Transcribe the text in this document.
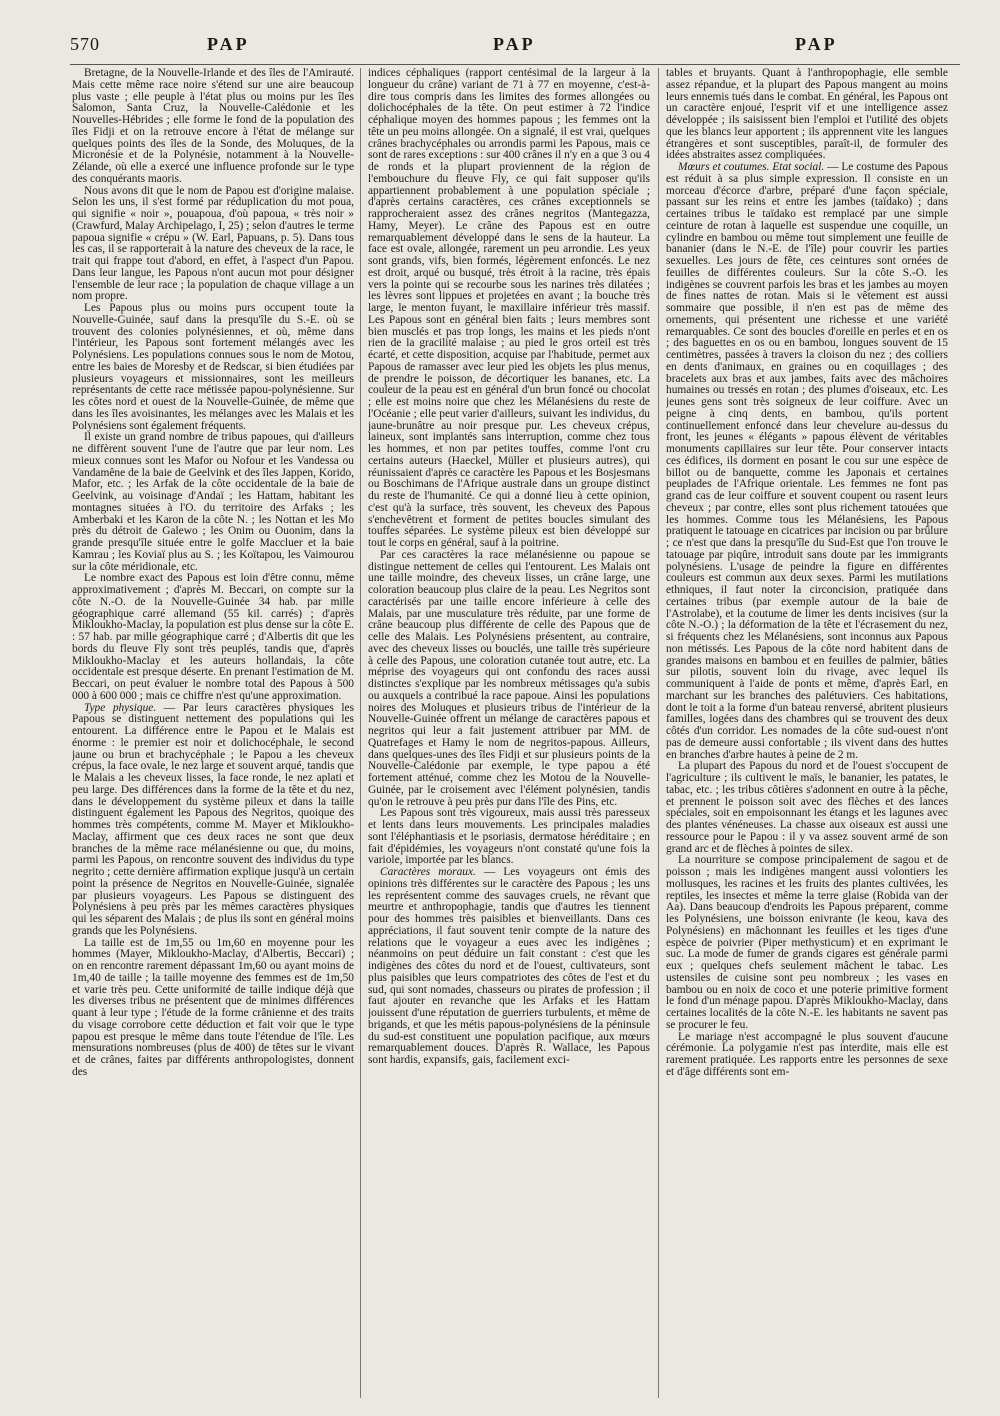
570	PAP	PAP	PAP

Bretagne, de la Nouvelle-Irlande et des îles de l'Amirauté. Mais cette même race noire s'étend sur une aire beaucoup plus vaste ; elle peuple à l'état plus ou moins pur les îles Salomon, Santa Cruz, la Nouvelle-Calédonie et les Nouvelles-Hébrides ; elle forme le fond de la population des îles Fidji et on la retrouve encore à l'état de mélange sur quelques points des îles de la Sonde, des Moluques, de la Micronésie et de la Polynésie, notamment à la Nouvelle-Zélande, où elle a exercé une influence profonde sur le type des conquérants maoris.

Nous avons dit que le nom de Papou est d'origine malaise. Selon les uns, il s'est formé par réduplication du mot poua, qui signifie « noir », pouapoua, d'où papoua, « très noir » (Crawfurd, Malay Archipelago, I, 25) ; selon d'autres le terme papoua signifie « crépu » (W. Earl, Papuans, p. 5). Dans tous les cas, il se rapporterait à la nature des cheveux de la race, le trait qui frappe tout d'abord, en effet, à l'aspect d'un Papou. Dans leur langue, les Papous n'ont aucun mot pour désigner l'ensemble de leur race ; la population de chaque village a un nom propre.

Les Papous plus ou moins purs occupent toute la Nouvelle-Guinée, sauf dans la presqu'île du S.-E. où se trouvent des colonies polynésiennes, et où, même dans l'intérieur, les Papous sont fortement mélangés avec les Polynésiens. Les populations connues sous le nom de Motou, entre les baies de Moresby et de Redscar, si bien étudiées par plusieurs voyageurs et missionnaires, sont les meilleurs représentants de cette race métissée papou-polynésienne. Sur les côtes nord et ouest de la Nouvelle-Guinée, de même que dans les îles avoisinantes, les mélanges avec les Malais et les Polynésiens sont également fréquents.

Il existe un grand nombre de tribus papoues, qui d'ailleurs ne diffèrent souvent l'une de l'autre que par leur nom. Les mieux connues sont les Mafor ou Nofour et les Vandessa ou Vandamêne de la baie de Geelvink et des îles Jappen, Korido, Mafor, etc. ; les Arfak de la côte occidentale de la baie de Geelvink, au voisinage d'Andaï ; les Hattam, habitant les montagnes situées à l'O. du territoire des Arfaks ; les Amberbaki et les Karon de la côte N. ; les Nottan et les Mo près du détroit de Galewo ; les Onim ou Ouonim, dans la grande presqu'île située entre le golfe Maccluer et la baie Kamrau ; les Koviaï plus au S. ; les Koïtapou, les Vaimourou sur la côte méridionale, etc.

Le nombre exact des Papous est loin d'être connu, même approximativement ; d'après M. Beccari, on compte sur la côte N.-O. de la Nouvelle-Guinée 34 hab. par mille géographique carré allemand (55 kil. carrés) ; d'après Mikloukho-Maclay, la population est plus dense sur la côte E. : 57 hab. par mille géographique carré ; d'Albertis dit que les bords du fleuve Fly sont très peuplés, tandis que, d'après Mikloukho-Maclay et les auteurs hollandais, la côte occidentale est presque déserte. En prenant l'estimation de M. Beccari, on peut évaluer le nombre total des Papous à 500 000 à 600 000 ; mais ce chiffre n'est qu'une approximation.

Type physique. — Par leurs caractères physiques les Papous se distinguent nettement des populations qui les entourent. La différence entre le Papou et le Malais est énorme : le premier est noir et dolichocéphale, le second jaune ou brun et brachycéphale ; le Papou a les cheveux crépus, la face ovale, le nez large et souvent arqué, tandis que le Malais a les cheveux lisses, la face ronde, le nez aplati et peu large. Des différences dans la forme de la tête et du nez, dans le développement du système pileux et dans la taille distinguent également les Papous des Negritos, quoique des hommes très compétents, comme M. Mayer et Mikloukho-Maclay, affirment que ces deux races ne sont que deux branches de la même race mélanésienne ou que, du moins, parmi les Papous, on rencontre souvent des individus du type negrito ; cette dernière affirmation explique jusqu'à un certain point la présence de Negritos en Nouvelle-Guinée, signalée par plusieurs voyageurs. Les Papous se distinguent des Polynésiens à peu près par les mêmes caractères physiques qui les séparent des Malais ; de plus ils sont en général moins grands que les Polynésiens.

La taille est de 1m,55 ou 1m,60 en moyenne pour les hommes (Mayer, Mikloukho-Maclay, d'Albertis, Beccari) ; on en rencontre rarement dépassant 1m,60 ou ayant moins de 1m,40 de taille ; la taille moyenne des femmes est de 1m,50 et varie très peu. Cette uniformité de taille indique déjà que les diverses tribus ne présentent que de minimes différences quant à leur type ; l'étude de la forme crânienne et des traits du visage corrobore cette déduction et fait voir que le type papou est presque le même dans toute l'étendue de l'île. Les mensurations nombreuses (plus de 400) de têtes sur le vivant et de crânes, faites par différents anthropologistes, donnent des

indices céphaliques (rapport centésimal de la largeur à la longueur du crâne) variant de 71 à 77 en moyenne, c'est-à-dire tous compris dans les limites des formes allongées ou dolichocéphales de la tête. On peut estimer à 72 l'indice céphalique moyen des hommes papous ; les femmes ont la tête un peu moins allongée. On a signalé, il est vrai, quelques crânes brachycéphales ou arrondis parmi les Papous, mais ce sont de rares exceptions : sur 400 crânes il n'y en a que 3 ou 4 de ronds et la plupart proviennent de la région de l'embouchure du fleuve Fly, ce qui fait supposer qu'ils appartiennent probablement à une population spéciale ; d'après certains caractères, ces crânes exceptionnels se rapprocheraient assez des crânes negritos (Mantegazza, Hamy, Meyer). Le crâne des Papous est en outre remarquablement développé dans le sens de la hauteur. La face est ovale, allongée, rarement un peu arrondie. Les yeux sont grands, vifs, bien formés, légèrement enfoncés. Le nez est droit, arqué ou busqué, très étroit à la racine, très épais vers la pointe qui se recourbe sous les narines très dilatées ; les lèvres sont lippues et projetées en avant ; la bouche très large, le menton fuyant, le maxillaire inférieur très massif. Les Papous sont en général bien faits ; leurs membres sont bien musclés et pas trop longs, les mains et les pieds n'ont rien de la gracilité malaise ; au pied le gros orteil est très écarté, et cette disposition, acquise par l'habitude, permet aux Papous de ramasser avec leur pied les objets les plus menus, de prendre le poisson, de décortiquer les bananes, etc. La couleur de la peau est en général d'un brun foncé ou chocolat ; elle est moins noire que chez les Mélanésiens du reste de l'Océanie ; elle peut varier d'ailleurs, suivant les individus, du jaune-brunâtre au noir presque pur. Les cheveux crépus, laineux, sont implantés sans interruption, comme chez tous les hommes, et non par petites touffes, comme l'ont cru certains auteurs (Haeckel, Müller et plusieurs autres), qui réunissaient d'après ce caractère les Papous et les Bosjesmans ou Boschimans de l'Afrique australe dans un groupe distinct du reste de l'humanité. Ce qui a donné lieu à cette opinion, c'est qu'à la surface, très souvent, les cheveux des Papous s'enchevêtrent et forment de petites boucles simulant des touffes séparées. Le système pileux est bien développé sur tout le corps en général, sauf à la poitrine.

Par ces caractères la race mélanésienne ou papoue se distingue nettement de celles qui l'entourent. Les Malais ont une taille moindre, des cheveux lisses, un crâne large, une coloration beaucoup plus claire de la peau. Les Negritos sont caractérisés par une taille encore inférieure à celle des Malais, par une musculature très réduite, par une forme de crâne beaucoup plus différente de celle des Papous que de celle des Malais. Les Polynésiens présentent, au contraire, avec des cheveux lisses ou bouclés, une taille très supérieure à celle des Papous, une coloration cutanée tout autre, etc. La méprise des voyageurs qui ont confondu des races aussi distinctes s'explique par les nombreux métissages qu'a subis ou auxquels a contribué la race papoue. Ainsi les populations noires des Moluques et plusieurs tribus de l'intérieur de la Nouvelle-Guinée offrent un mélange de caractères papous et negritos qui leur a fait justement attribuer par MM. de Quatrefages et Hamy le nom de negritos-papous. Ailleurs, dans quelques-unes des îles Fidji et sur plusieurs points de la Nouvelle-Calédonie par exemple, le type papou a été fortement atténué, comme chez les Motou de la Nouvelle-Guinée, par le croisement avec l'élément polynésien, tandis qu'on le retrouve à peu près pur dans l'île des Pins, etc.

Les Papous sont très vigoureux, mais aussi très paresseux et lents dans leurs mouvements. Les principales maladies sont l'éléphantiasis et le psoriasis, dermatose héréditaire ; en fait d'épidémies, les voyageurs n'ont constaté qu'une fois la variole, importée par les blancs.

Caractères moraux. — Les voyageurs ont émis des opinions très différentes sur le caractère des Papous ; les uns les représentent comme des sauvages cruels, ne rêvant que meurtre et anthropophagie, tandis que d'autres les tiennent pour des hommes très paisibles et bienveillants. Dans ces appréciations, il faut souvent tenir compte de la nature des relations que le voyageur a eues avec les indigènes ; néanmoins on peut déduire un fait constant : c'est que les indigènes des côtes du nord et de l'ouest, cultivateurs, sont plus paisibles que leurs compatriotes des côtes de l'est et du sud, qui sont nomades, chasseurs ou pirates de profession ; il faut ajouter en revanche que les Arfaks et les Hattam jouissent d'une réputation de guerriers turbulents, et même de brigands, et que les métis papous-polynésiens de la péninsule du sud-est constituent une population pacifique, aux mœurs remarquablement douces. D'après R. Wallace, les Papous sont hardis, expansifs, gais, facilement exci-

tables et bruyants. Quant à l'anthropophagie, elle semble assez répandue, et la plupart des Papous mangent au moins leurs ennemis tués dans le combat. En général, les Papous ont un caractère enjoué, l'esprit vif et une intelligence assez développée ; ils saisissent bien l'emploi et l'utilité des objets que les blancs leur apportent ; ils apprennent vite les langues étrangères et sont susceptibles, paraît-il, de formuler des idées abstraites assez compliquées.

Mœurs et coutumes. Etat social. — Le costume des Papous est réduit à sa plus simple expression. Il consiste en un morceau d'écorce d'arbre, préparé d'une façon spéciale, passant sur les reins et entre les jambes (taïdako) ; dans certaines tribus le taïdako est remplacé par une simple ceinture de rotan à laquelle est suspendue une coquille, un cylindre en bambou ou même tout simplement une feuille de bananier (dans le N.-E. de l'île) pour couvrir les parties sexuelles. Les jours de fête, ces ceintures sont ornées de feuilles de différentes couleurs. Sur la côte S.-O. les indigènes se couvrent parfois les bras et les jambes au moyen de fines nattes de rotan. Mais si le vêtement est aussi sommaire que possible, il n'en est pas de même des ornements, qui présentent une richesse et une variété remarquables. Ce sont des boucles d'oreille en perles et en os ; des baguettes en os ou en bambou, longues souvent de 15 centimètres, passées à travers la cloison du nez ; des colliers en dents d'animaux, en graines ou en coquillages ; des bracelets aux bras et aux jambes, faits avec des mâchoires humaines ou tressés en rotan ; des plumes d'oiseaux, etc. Les jeunes gens sont très soigneux de leur coiffure. Avec un peigne à cinq dents, en bambou, qu'ils portent continuellement enfoncé dans leur chevelure au-dessus du front, les jeunes « élégants » papous élèvent de véritables monuments capillaires sur leur tête. Pour conserver intacts ces édifices, ils dorment en posant le cou sur une espèce de billot ou de banquette, comme les Japonais et certaines peuplades de l'Afrique orientale. Les femmes ne font pas grand cas de leur coiffure et souvent coupent ou rasent leurs cheveux ; par contre, elles sont plus richement tatouées que les hommes. Comme tous les Mélanésiens, les Papous pratiquent le tatouage en cicatrices par incision ou par brûlure ; ce n'est que dans la presqu'île du Sud-Est que l'on trouve le tatouage par piqûre, introduit sans doute par les immigrants polynésiens. L'usage de peindre la figure en différentes couleurs est commun aux deux sexes. Parmi les mutilations ethniques, il faut noter la circoncision, pratiquée dans certaines tribus (par exemple autour de la baie de l'Astrolabe), et la coutume de limer les dents incisives (sur la côte N.-O.) ; la déformation de la tête et l'écrasement du nez, si fréquents chez les Mélanésiens, sont inconnus aux Papous non métissés. Les Papous de la côte nord habitent dans de grandes maisons en bambou et en feuilles de palmier, bâties sur pilotis, souvent loin du rivage, avec lequel ils communiquent à l'aide de ponts et même, d'après Earl, en marchant sur les branches des palétuviers. Ces habitations, dont le toit a la forme d'un bateau renversé, abritent plusieurs familles, logées dans des chambres qui se trouvent des deux côtés d'un corridor. Les nomades de la côte sud-ouest n'ont pas de demeure aussi confortable ; ils vivent dans des huttes en branches d'arbre hautes à peine de 2 m.

La plupart des Papous du nord et de l'ouest s'occupent de l'agriculture ; ils cultivent le maïs, le bananier, les patates, le tabac, etc. ; les tribus côtières s'adonnent en outre à la pêche, et prennent le poisson soit avec des flèches et des lances spéciales, soit en empoisonnant les étangs et les lagunes avec des plantes vénéneuses. La chasse aux oiseaux est aussi une ressource pour le Papou : il y va assez souvent armé de son grand arc et de flèches à pointes de silex.

La nourriture se compose principalement de sagou et de poisson ; mais les indigènes mangent aussi volontiers les mollusques, les racines et les fruits des plantes cultivées, les reptiles, les insectes et même la terre glaise (Robida van der Aa). Dans beaucoup d'endroits les Papous préparent, comme les Polynésiens, une boisson enivrante (le keou, kava des Polynésiens) en mâchonnant les feuilles et les tiges d'une espèce de poivrier (Piper methysticum) et en exprimant le suc. La mode de fumer de grands cigares est générale parmi eux ; quelques chefs seulement mâchent le tabac. Les ustensiles de cuisine sont peu nombreux ; les vases en bambou ou en noix de coco et une poterie primitive forment le fond d'un ménage papou. D'après Mikloukho-Maclay, dans certaines localités de la côte N.-E. les habitants ne savent pas se procurer le feu.

Le mariage n'est accompagné le plus souvent d'aucune cérémonie. La polygamie n'est pas interdite, mais elle est rarement pratiquée. Les rapports entre les personnes de sexe et d'âge différents sont em-
